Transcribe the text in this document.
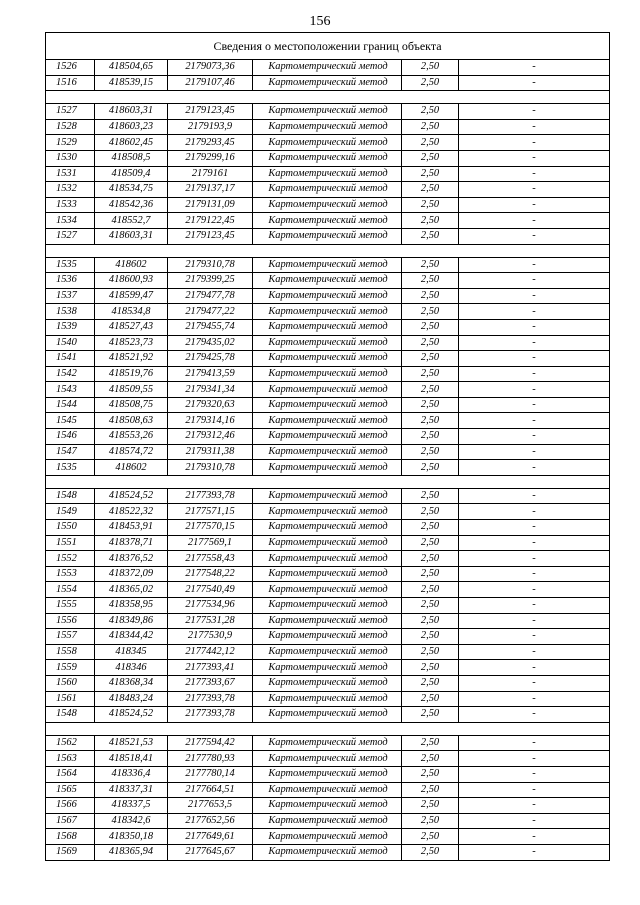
156
Сведения о местоположении границ объекта					
1526	418504,65	2179073,36	Картометрический метод	2,50	-
1516	418539,15	2179107,46	Картометрический метод	2,50	-

1527	418603,31	2179123,45	Картометрический метод	2,50	-
1528	418603,23	2179193,9	Картометрический метод	2,50	-
1529	418602,45	2179293,45	Картометрический метод	2,50	-
1530	418508,5	2179299,16	Картометрический метод	2,50	-
1531	418509,4	2179161	Картометрический метод	2,50	-
1532	418534,75	2179137,17	Картометрический метод	2,50	-
1533	418542,36	2179131,09	Картометрический метод	2,50	-
1534	418552,7	2179122,45	Картометрический метод	2,50	-
1527	418603,31	2179123,45	Картометрический метод	2,50	-

1535	418602	2179310,78	Картометрический метод	2,50	-
1536	418600,93	2179399,25	Картометрический метод	2,50	-
1537	418599,47	2179477,78	Картометрический метод	2,50	-
1538	418534,8	2179477,22	Картометрический метод	2,50	-
1539	418527,43	2179455,74	Картометрический метод	2,50	-
1540	418523,73	2179435,02	Картометрический метод	2,50	-
1541	418521,92	2179425,78	Картометрический метод	2,50	-
1542	418519,76	2179413,59	Картометрический метод	2,50	-
1543	418509,55	2179341,34	Картометрический метод	2,50	-
1544	418508,75	2179320,63	Картометрический метод	2,50	-
1545	418508,63	2179314,16	Картометрический метод	2,50	-
1546	418553,26	2179312,46	Картометрический метод	2,50	-
1547	418574,72	2179311,38	Картометрический метод	2,50	-
1535	418602	2179310,78	Картометрический метод	2,50	-

1548	418524,52	2177393,78	Картометрический метод	2,50	-
1549	418522,32	2177571,15	Картометрический метод	2,50	-
1550	418453,91	2177570,15	Картометрический метод	2,50	-
1551	418378,71	2177569,1	Картометрический метод	2,50	-
1552	418376,52	2177558,43	Картометрический метод	2,50	-
1553	418372,09	2177548,22	Картометрический метод	2,50	-
1554	418365,02	2177540,49	Картометрический метод	2,50	-
1555	418358,95	2177534,96	Картометрический метод	2,50	-
1556	418349,86	2177531,28	Картометрический метод	2,50	-
1557	418344,42	2177530,9	Картометрический метод	2,50	-
1558	418345	2177442,12	Картометрический метод	2,50	-
1559	418346	2177393,41	Картометрический метод	2,50	-
1560	418368,34	2177393,67	Картометрический метод	2,50	-
1561	418483,24	2177393,78	Картометрический метод	2,50	-
1548	418524,52	2177393,78	Картометрический метод	2,50	-

1562	418521,53	2177594,42	Картометрический метод	2,50	-
1563	418518,41	2177780,93	Картометрический метод	2,50	-
1564	418336,4	2177780,14	Картометрический метод	2,50	-
1565	418337,31	2177664,51	Картометрический метод	2,50	-
1566	418337,5	2177653,5	Картометрический метод	2,50	-
1567	418342,6	2177652,56	Картометрический метод	2,50	-
1568	418350,18	2177649,61	Картометрический метод	2,50	-
1569	418365,94	2177645,67	Картометрический метод	2,50	-
